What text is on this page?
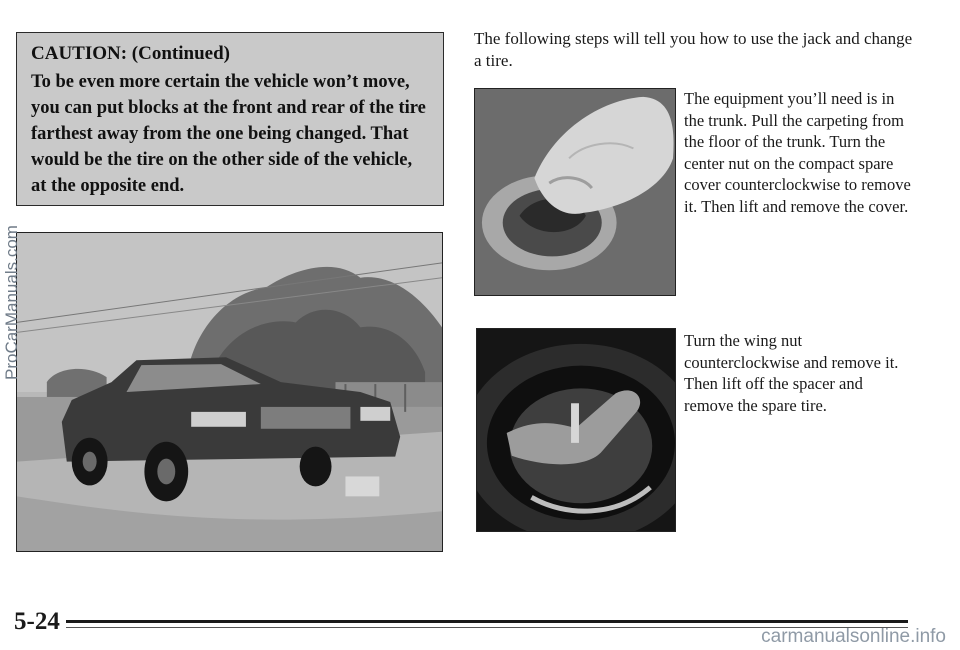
CAUTION: (Continued)

To be even more certain the vehicle won’t move, you can put blocks at the front and rear of the tire farthest away from the one being changed. That would be the tire on the other side of the vehicle, at the opposite end.

The following steps will tell you how to use the jack and change a tire.

The equipment you’ll need is in the trunk. Pull the carpeting from the floor of the trunk. Turn the center nut on the compact spare cover counterclockwise to remove it. Then lift and remove the cover.

Turn the wing nut counterclockwise and remove it. Then lift off the spacer and remove the spare tire.

5-24
ProCarManuals.com
carmanualsonline.info
